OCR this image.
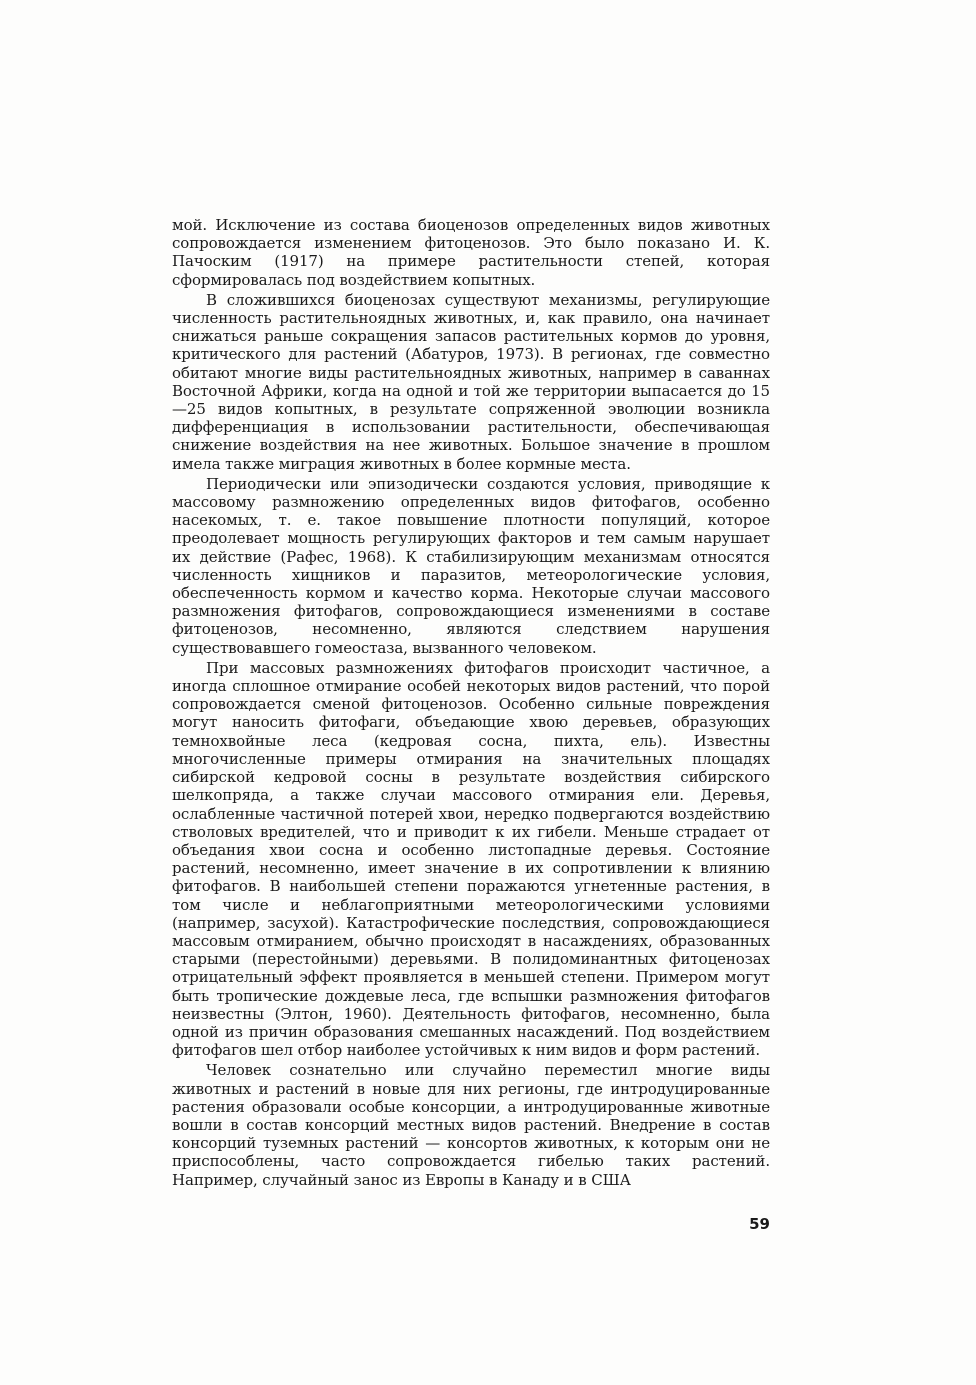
мой. Исключение из состава биоценозов определенных видов животных сопровождается изменением фитоценозов. Это было показано И. К. Пачоским (1917) на примере растительности степей, которая сформировалась под воздействием копытных.

В сложившихся биоценозах существуют механизмы, регулирующие численность растительноядных животных, и, как правило, она начинает снижаться раньше сокращения запасов растительных кормов до уровня, критического для растений (Абатуров, 1973). В регионах, где совместно обитают многие виды растительноядных животных, например в саваннах Восточной Африки, когда на одной и той же территории выпасается до 15—25 видов копытных, в результате сопряженной эволюции возникла дифференциация в использовании растительности, обеспечивающая снижение воздействия на нее животных. Большое значение в прошлом имела также миграция животных в более кормные места.

Периодически или эпизодически создаются условия, приводящие к массовому размножению определенных видов фитофагов, особенно насекомых, т. е. такое повышение плотности популяций, которое преодолевает мощность регулирующих факторов и тем самым нарушает их действие (Рафес, 1968). К стабилизирующим механизмам относятся численность хищников и паразитов, метеорологические условия, обеспеченность кормом и качество корма. Некоторые случаи массового размножения фитофагов, сопровождающиеся изменениями в составе фитоценозов, несомненно, являются следствием нарушения существовавшего гомеостаза, вызванного человеком.

При массовых размножениях фитофагов происходит частичное, а иногда сплошное отмирание особей некоторых видов растений, что порой сопровождается сменой фитоценозов. Особенно сильные повреждения могут наносить фитофаги, объедающие хвою деревьев, образующих темнохвойные леса (кедровая сосна, пихта, ель). Известны многочисленные примеры отмирания на значительных площадях сибирской кедровой сосны в результате воздействия сибирского шелкопряда, а также случаи массового отмирания ели. Деревья, ослабленные частичной потерей хвои, нередко подвергаются воздействию стволовых вредителей, что и приводит к их гибели. Меньше страдает от объедания хвои сосна и особенно листопадные деревья. Состояние растений, несомненно, имеет значение в их сопротивлении к влиянию фитофагов. В наибольшей степени поражаются угнетенные растения, в том числе и неблагоприятными метеорологическими условиями (например, засухой). Катастрофические последствия, сопровождающиеся массовым отмиранием, обычно происходят в насаждениях, образованных старыми (перестойными) деревьями. В полидоминантных фитоценозах отрицательный эффект проявляется в меньшей степени. Примером могут быть тропические дождевые леса, где вспышки размножения фитофагов неизвестны (Элтон, 1960). Деятельность фитофагов, несомненно, была одной из причин образования смешанных насаждений. Под воздействием фитофагов шел отбор наиболее устойчивых к ним видов и форм растений.

Человек сознательно или случайно переместил многие виды животных и растений в новые для них регионы, где интродуцированные растения образовали особые консорции, а интродуцированные животные вошли в состав консорций местных видов растений. Внедрение в состав консорций туземных растений — консортов животных, к которым они не приспособлены, часто сопровождается гибелью таких растений. Например, случайный занос из Европы в Канаду и в США

59
